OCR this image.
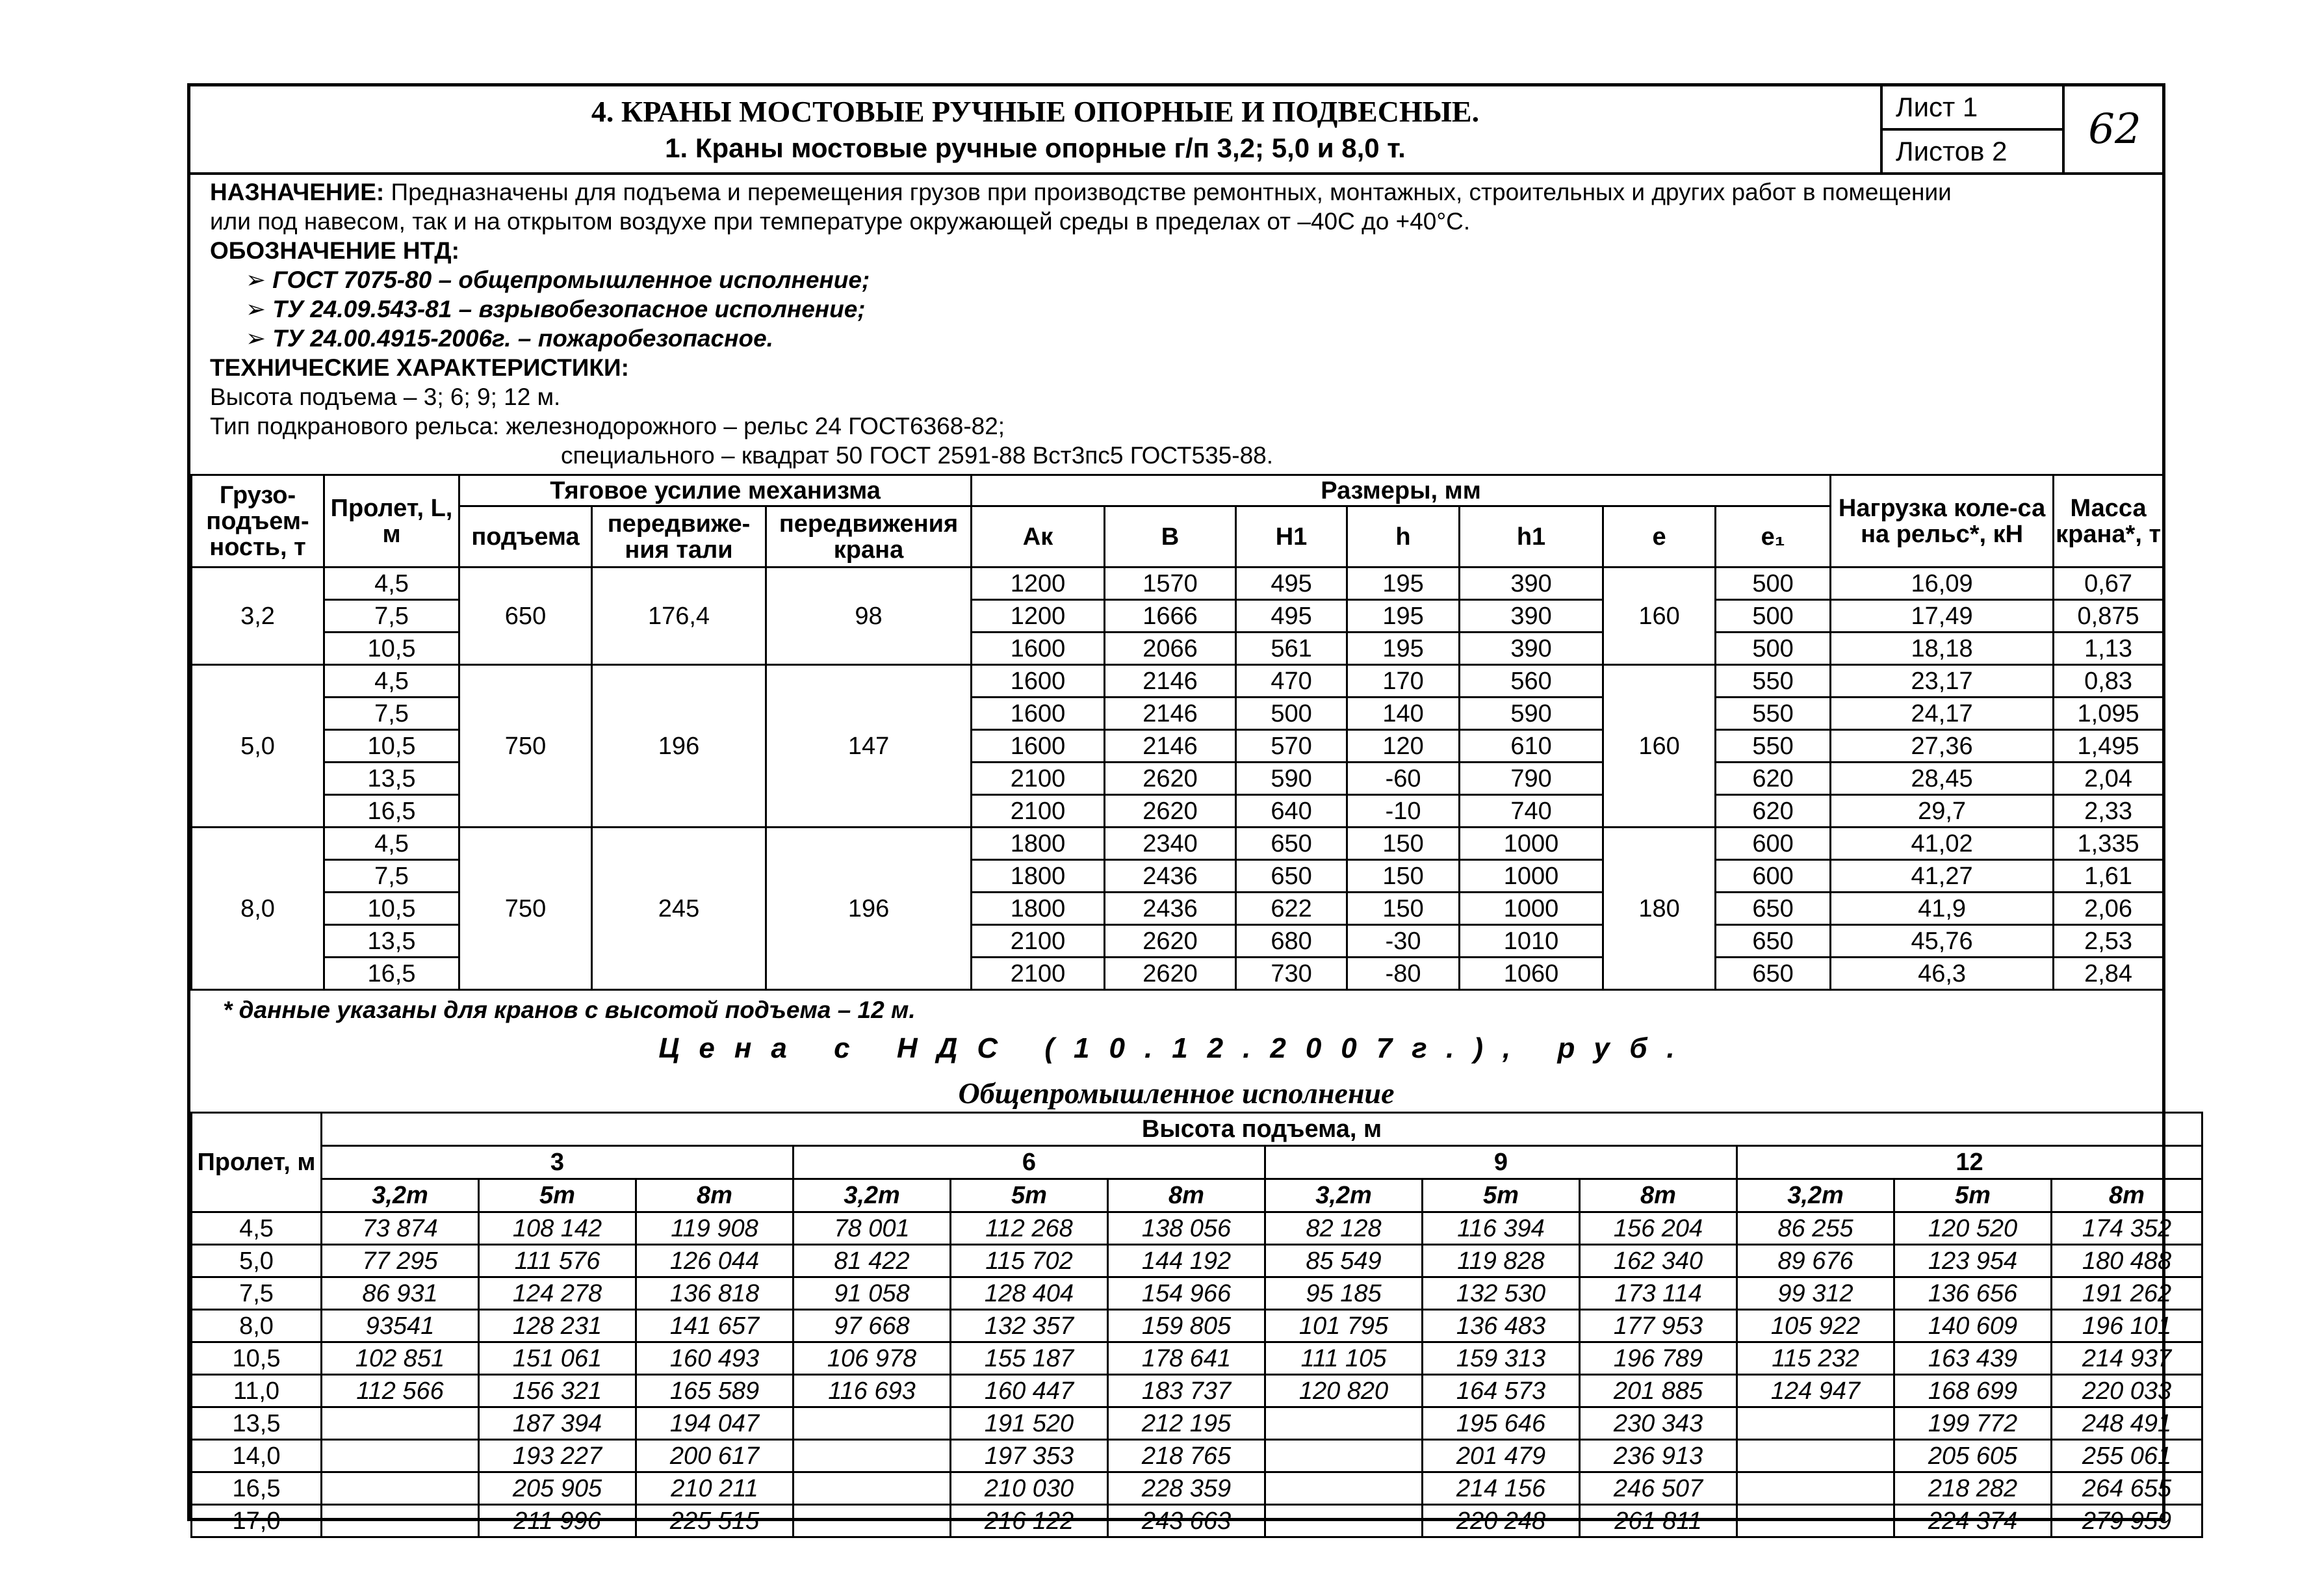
4. КРАНЫ МОСТОВЫЕ РУЧНЫЕ ОПОРНЫЕ И ПОДВЕСНЫЕ.
1. Краны мостовые ручные опорные г/п 3,2; 5,0 и 8,0 т.
Лист 1
Листов 2	62

НАЗНАЧЕНИЕ: Предназначены для подъема и перемещения грузов при производстве ремонтных, монтажных, строительных и других работ в помещении

или под навесом, так и на открытом воздухе при температуре окружающей среды в пределах от –40С до +40°С.

ОБОЗНАЧЕНИЕ НТД:

➢ ГОСТ 7075-80 – общепромышленное исполнение;

➢ ТУ 24.09.543-81 – взрывобезопасное исполнение;

➢ ТУ 24.00.4915-2006г. – пожаробезопасное.

ТЕХНИЧЕСКИЕ ХАРАКТЕРИСТИКИ:

Высота подъема – 3; 6; 9; 12 м.

Тип подкранового рельса: железнодорожного – рельс 24 ГОСТ6368-82;

специального – квадрат 50 ГОСТ 2591-88 Вст3пс5 ГОСТ535-88.

Грузо-подъем-ность, т	Пролет, L, м	Тяговое усилие механизма			Размеры, мм							Нагрузка коле-са на рельс*, кН	Масса крана*, т
		подъема	передвиже-ния тали	передвижения крана	Ак	В	Н1	h	h1	е	е₁		
3,2	4,5	650	176,4	98	1200	1570	495	195	390	160	500	16,09	0,67
	7,5				1200	1666	495	195	390		500	17,49	0,875
	10,5				1600	2066	561	195	390		500	18,18	1,13
5,0	4,5	750	196	147	1600	2146	470	170	560	160	550	23,17	0,83
	7,5				1600	2146	500	140	590		550	24,17	1,095
	10,5				1600	2146	570	120	610		550	27,36	1,495
	13,5				2100	2620	590	-60	790		620	28,45	2,04
	16,5				2100	2620	640	-10	740		620	29,7	2,33
8,0	4,5	750	245	196	1800	2340	650	150	1000	180	600	41,02	1,335
	7,5				1800	2436	650	150	1000		600	41,27	1,61
	10,5				1800	2436	622	150	1000		650	41,9	2,06
	13,5				2100	2620	680	-30	1010		650	45,76	2,53
	16,5				2100	2620	730	-80	1060		650	46,3	2,84
* данные указаны для кранов с высотой подъема – 12 м.
Цена с НДС (10.12.2007г.), руб.
Общепромышленное исполнение
Пролет, м	Высота подъема, м											
	3			6			9			12		
	3,2m	5m	8m	3,2m	5m	8m	3,2m	5m	8m	3,2m	5m	8m
4,5	73 874	108 142	119 908	78 001	112 268	138 056	82 128	116 394	156 204	86 255	120 520	174 352
5,0	77 295	111 576	126 044	81 422	115 702	144 192	85 549	119 828	162 340	89 676	123 954	180 488
7,5	86 931	124 278	136 818	91 058	128 404	154 966	95 185	132 530	173 114	99 312	136 656	191 262
8,0	93541	128 231	141 657	97 668	132 357	159 805	101 795	136 483	177 953	105 922	140 609	196 101
10,5	102 851	151 061	160 493	106 978	155 187	178 641	111 105	159 313	196 789	115 232	163 439	214 937
11,0	112 566	156 321	165 589	116 693	160 447	183 737	120 820	164 573	201 885	124 947	168 699	220 033
13,5		187 394	194 047		191 520	212 195		195 646	230 343		199 772	248 491
14,0		193 227	200 617		197 353	218 765		201 479	236 913		205 605	255 061
16,5		205 905	210 211		210 030	228 359		214 156	246 507		218 282	264 655
17,0		211 996	225 515		216 122	243 663		220 248	261 811		224 374	279 959
